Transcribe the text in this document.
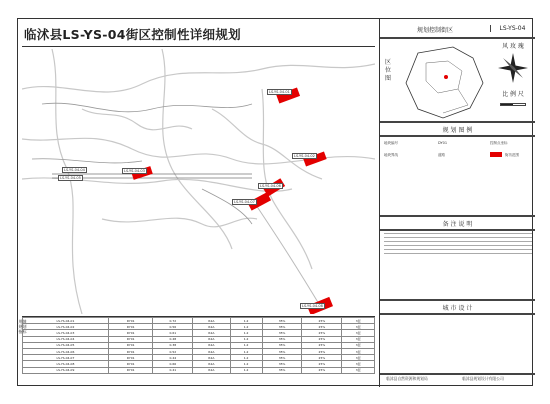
临沭县LS-YS-04街区控制性详细规划
LS-YS-04-01
LS-YS-04-02
LS-YS-04-03
LS-YS-04-04
LS-YS-04-05
LS-YS-04-06
LS-YS-04-07
LS-YS-04-08
用地规划指标
LS-YS-04-01	DY01	0.72	R2A	1.2	35%	25%	3层
LS-YS-04-02	DY01	0.56	R2A	1.2	35%	25%	3层
LS-YS-04-03	DY01	0.61	R2A	1.2	35%	25%	3层
LS-YS-04-04	DY01	0.48	R2A	1.2	35%	25%	3层
LS-YS-04-05	DY01	0.38	R2A	1.2	35%	25%	3层
LS-YS-04-06	DY01	0.52	R2A	1.2	35%	25%	3层
LS-YS-04-07	DY01	0.44	R2A	1.2	35%	25%	3层
LS-YS-04-08	DY01	0.66	R2A	1.2	35%	25%	3层
LS-YS-04-09	DY01	0.41	R2A	1.2	35%	25%	3层
规划控制街区	LS-YS-04
区
位
图
风 玫 瑰
比 例 尺
规 划 图 例
地块编号	DY01	控制点坐标
地块界线	道路	街坊范围
备 注 说 明
城 市 设 计
临沭县自然资源和规划局	临沭县规划设计有限公司
